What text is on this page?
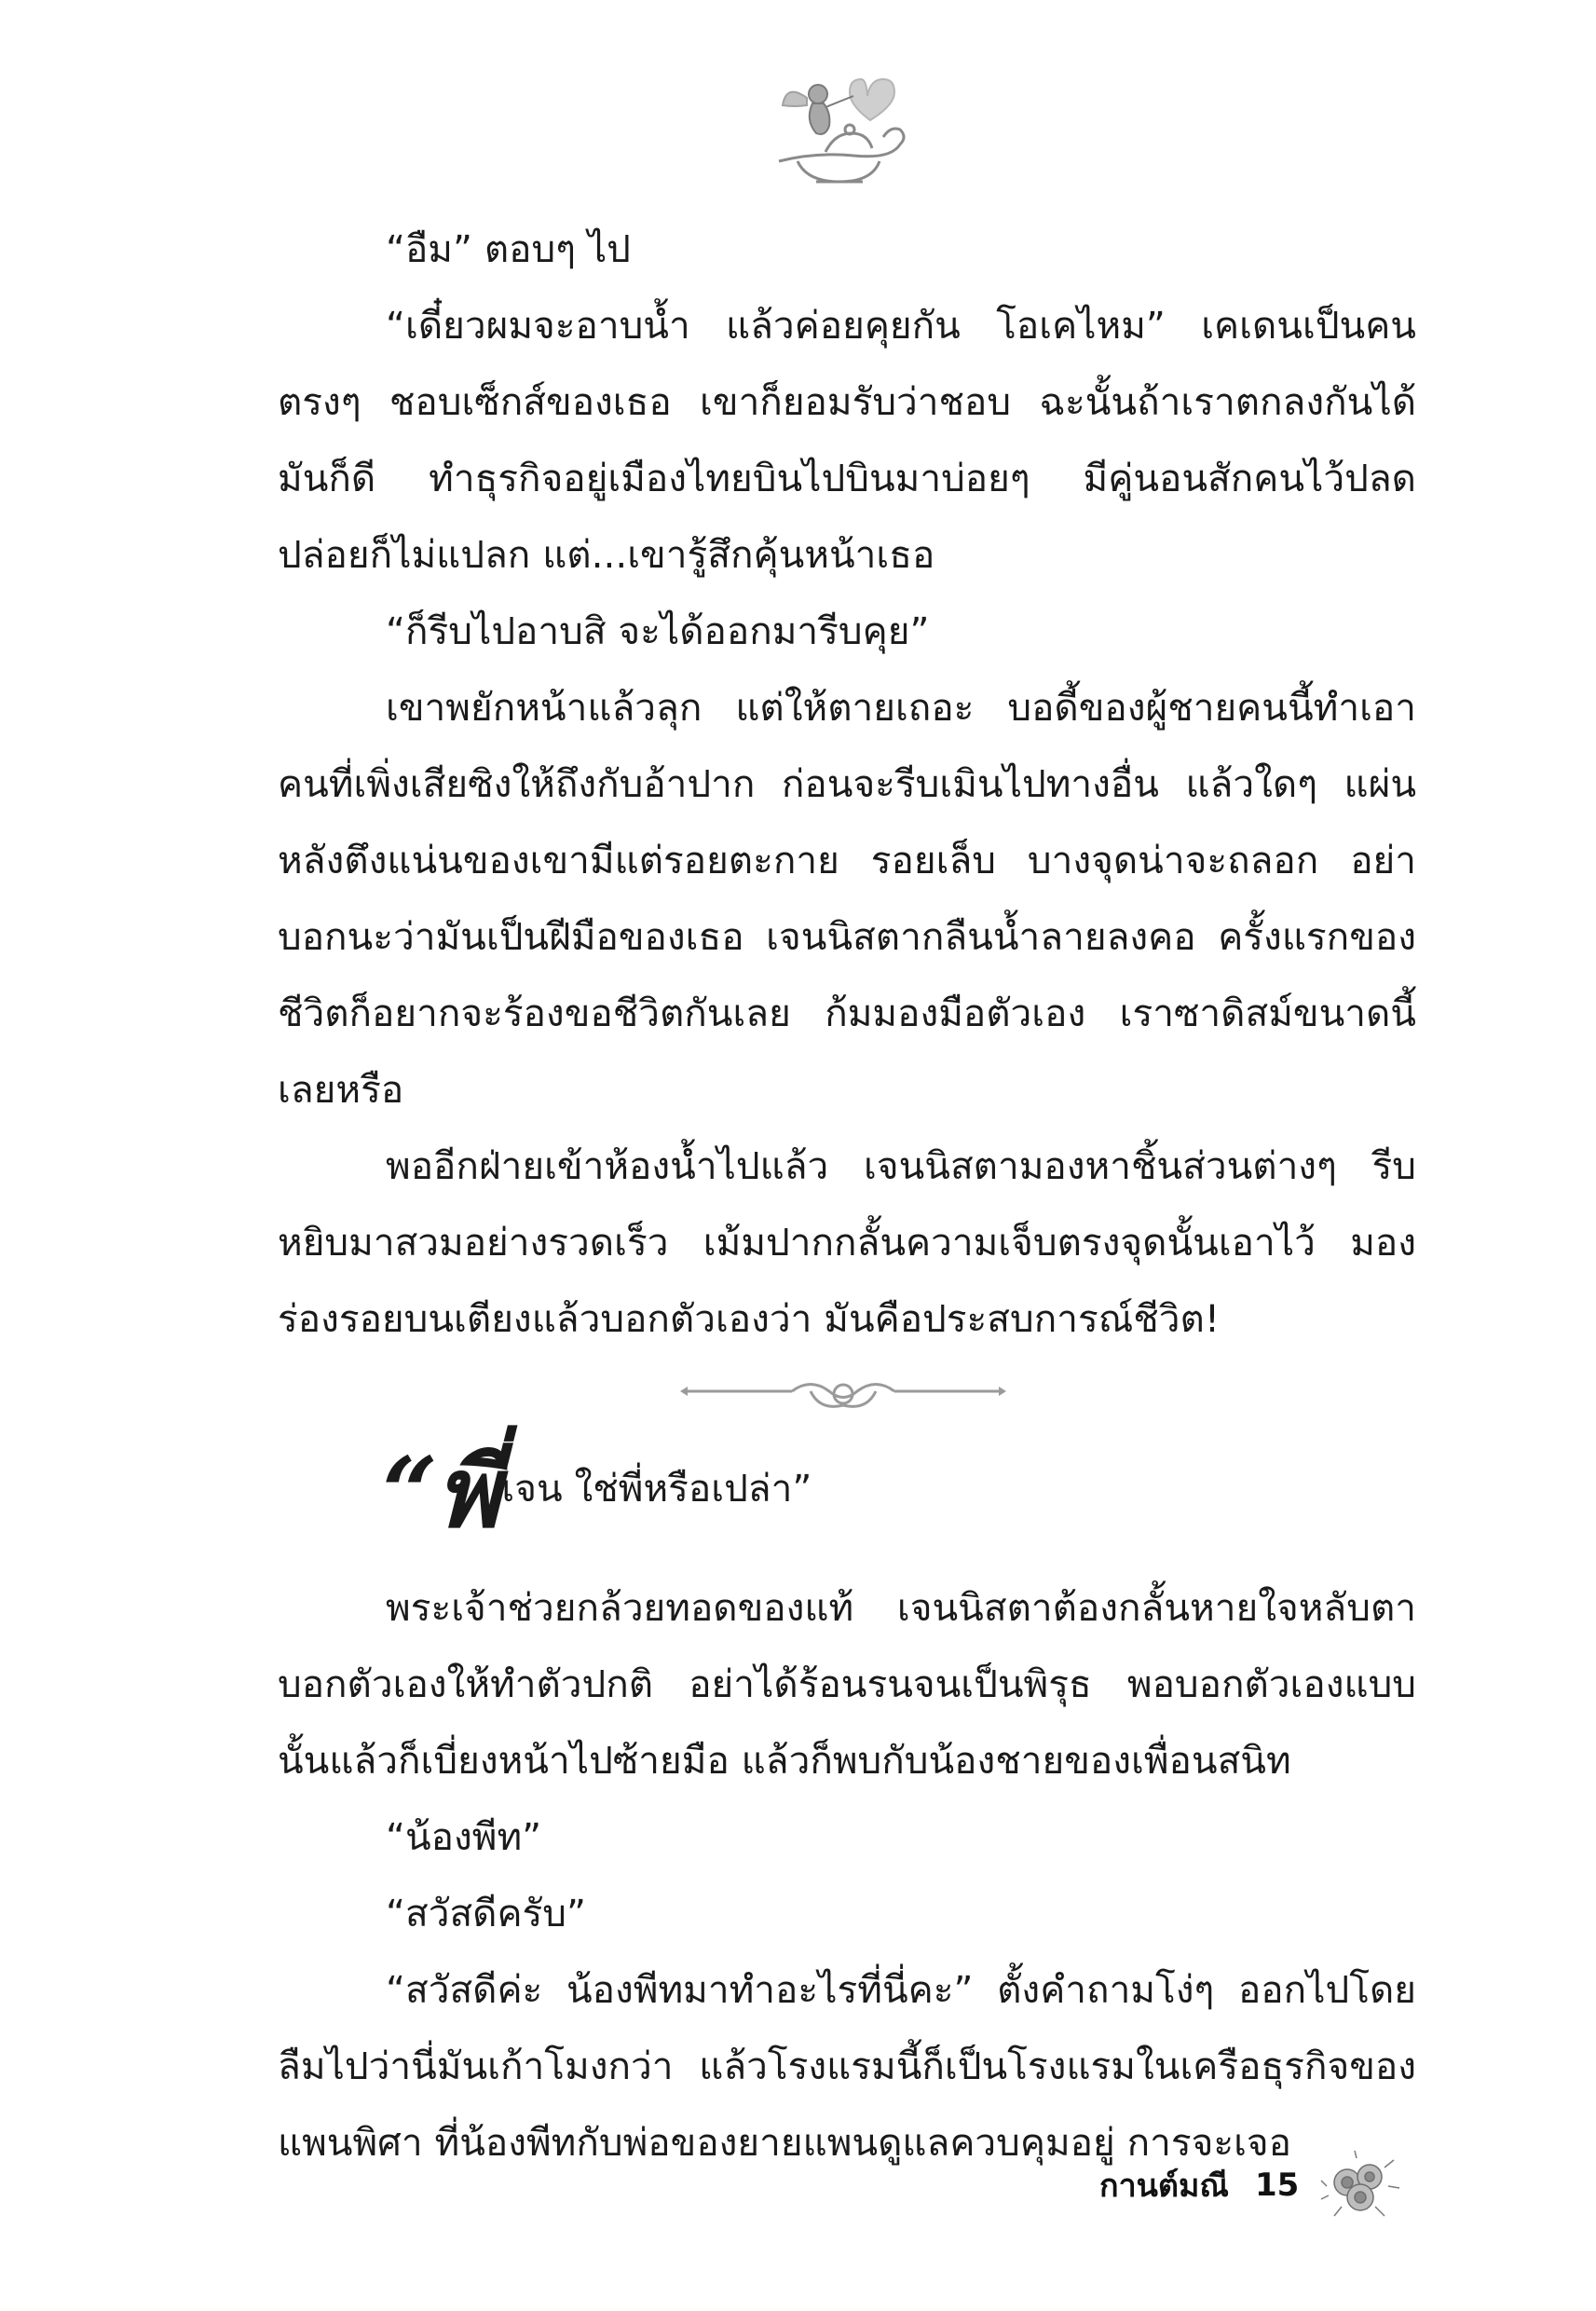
“อืม” ตอบๆ ไป

“เดี๋ยวผมจะอาบน้ำ แล้วค่อยคุยกัน โอเคไหม” เคเดนเป็นคนตรงๆ ชอบเซ็กส์ของเธอ เขาก็ยอมรับว่าชอบ ฉะนั้นถ้าเราตกลงกันได้มันก็ดี ทำธุรกิจอยู่เมืองไทยบินไปบินมาบ่อยๆ มีคู่นอนสักคนไว้ปลดปล่อยก็ไม่แปลก แต่...เขารู้สึกคุ้นหน้าเธอ

“ก็รีบไปอาบสิ จะได้ออกมารีบคุย”

เขาพยักหน้าแล้วลุก แต่ให้ตายเถอะ บอดี้ของผู้ชายคนนี้ทำเอาคนที่เพิ่งเสียซิงให้ถึงกับอ้าปาก ก่อนจะรีบเมินไปทางอื่น แล้วใดๆ แผ่นหลังตึงแน่นของเขามีแต่รอยตะกาย รอยเล็บ บางจุดน่าจะถลอก อย่าบอกนะว่ามันเป็นฝีมือของเธอ เจนนิสตากลืนน้ำลายลงคอ ครั้งแรกของชีวิตก็อยากจะร้องขอชีวิตกันเลย ก้มมองมือตัวเอง เราซาดิสม์ขนาดนี้เลยหรือ

พออีกฝ่ายเข้าห้องน้ำไปแล้ว เจนนิสตามองหาชิ้นส่วนต่างๆ รีบหยิบมาสวมอย่างรวดเร็ว เม้มปากกลั้นความเจ็บตรงจุดนั้นเอาไว้ มองร่องรอยบนเตียงแล้วบอกตัวเองว่า มันคือประสบการณ์ชีวิต!

“พี่ เจน ใช่พี่หรือเปล่า”

พระเจ้าช่วยกล้วยทอดของแท้ เจนนิสตาต้องกลั้นหายใจหลับตาบอกตัวเองให้ทำตัวปกติ อย่าได้ร้อนรนจนเป็นพิรุธ พอบอกตัวเองแบบนั้นแล้วก็เบี่ยงหน้าไปซ้ายมือ แล้วก็พบกับน้องชายของเพื่อนสนิท

“น้องพีท”

“สวัสดีครับ”

“สวัสดีค่ะ น้องพีทมาทำอะไรที่นี่คะ” ตั้งคำถามโง่ๆ ออกไปโดยลืมไปว่านี่มันเก้าโมงกว่า แล้วโรงแรมนี้ก็เป็นโรงแรมในเครือธุรกิจของแพนพิศา ที่น้องพีทกับพ่อของยายแพนดูแลควบคุมอยู่ การจะเจอ

กานต์มณี 15
